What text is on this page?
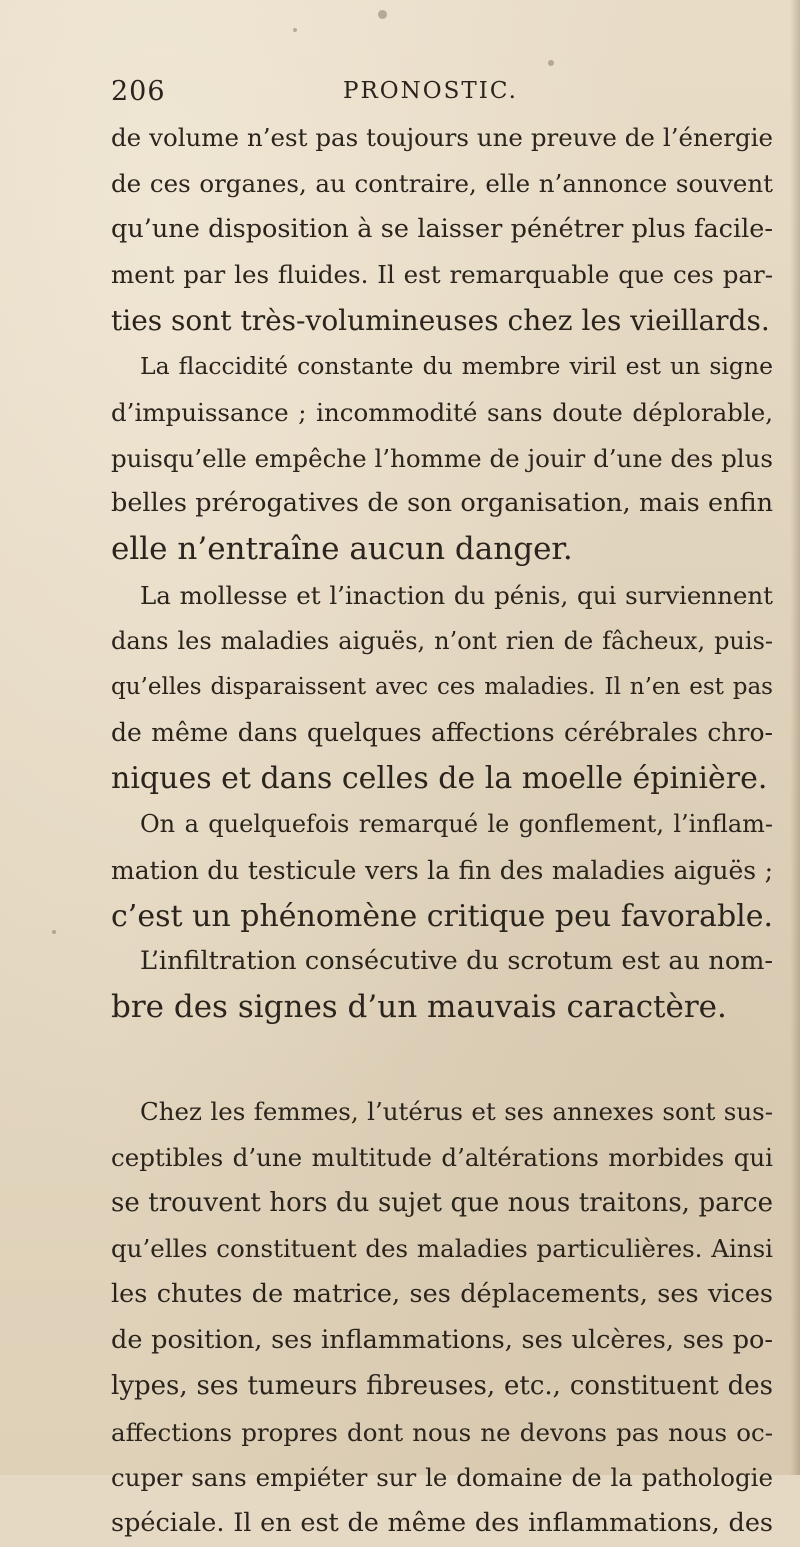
206	PRONOSTIC.
de volume n’est pas toujours une preuve de l’énergie
de ces organes, au contraire, elle n’annonce souvent
qu’une disposition à se laisser pénétrer plus facile-
ment par les fluides. Il est remarquable que ces par-
ties sont très-volumineuses chez les vieillards.
La flaccidité constante du membre viril est un signe
d’impuissance ; incommodité sans doute déplorable,
puisqu’elle empêche l’homme de jouir d’une des plus
belles prérogatives de son organisation, mais enfin
elle n’entraîne aucun danger.
La mollesse et l’inaction du pénis, qui surviennent
dans les maladies aiguës, n’ont rien de fâcheux, puis-
qu’elles disparaissent avec ces maladies. Il n’en est pas
de même dans quelques affections cérébrales chro-
niques et dans celles de la moelle épinière.
On a quelquefois remarqué le gonflement, l’inflam-
mation du testicule vers la fin des maladies aiguës ;
c’est un phénomène critique peu favorable.
L’infiltration consécutive du scrotum est au nom-
bre des signes d’un mauvais caractère.
Chez les femmes, l’utérus et ses annexes sont sus-
ceptibles d’une multitude d’altérations morbides qui
se trouvent hors du sujet que nous traitons, parce
qu’elles constituent des maladies particulières. Ainsi
les chutes de matrice, ses déplacements, ses vices
de position, ses inflammations, ses ulcères, ses po-
lypes, ses tumeurs fibreuses, etc., constituent des
affections propres dont nous ne devons pas nous oc-
cuper sans empiéter sur le domaine de la pathologie
spéciale. Il en est de même des inflammations, des
